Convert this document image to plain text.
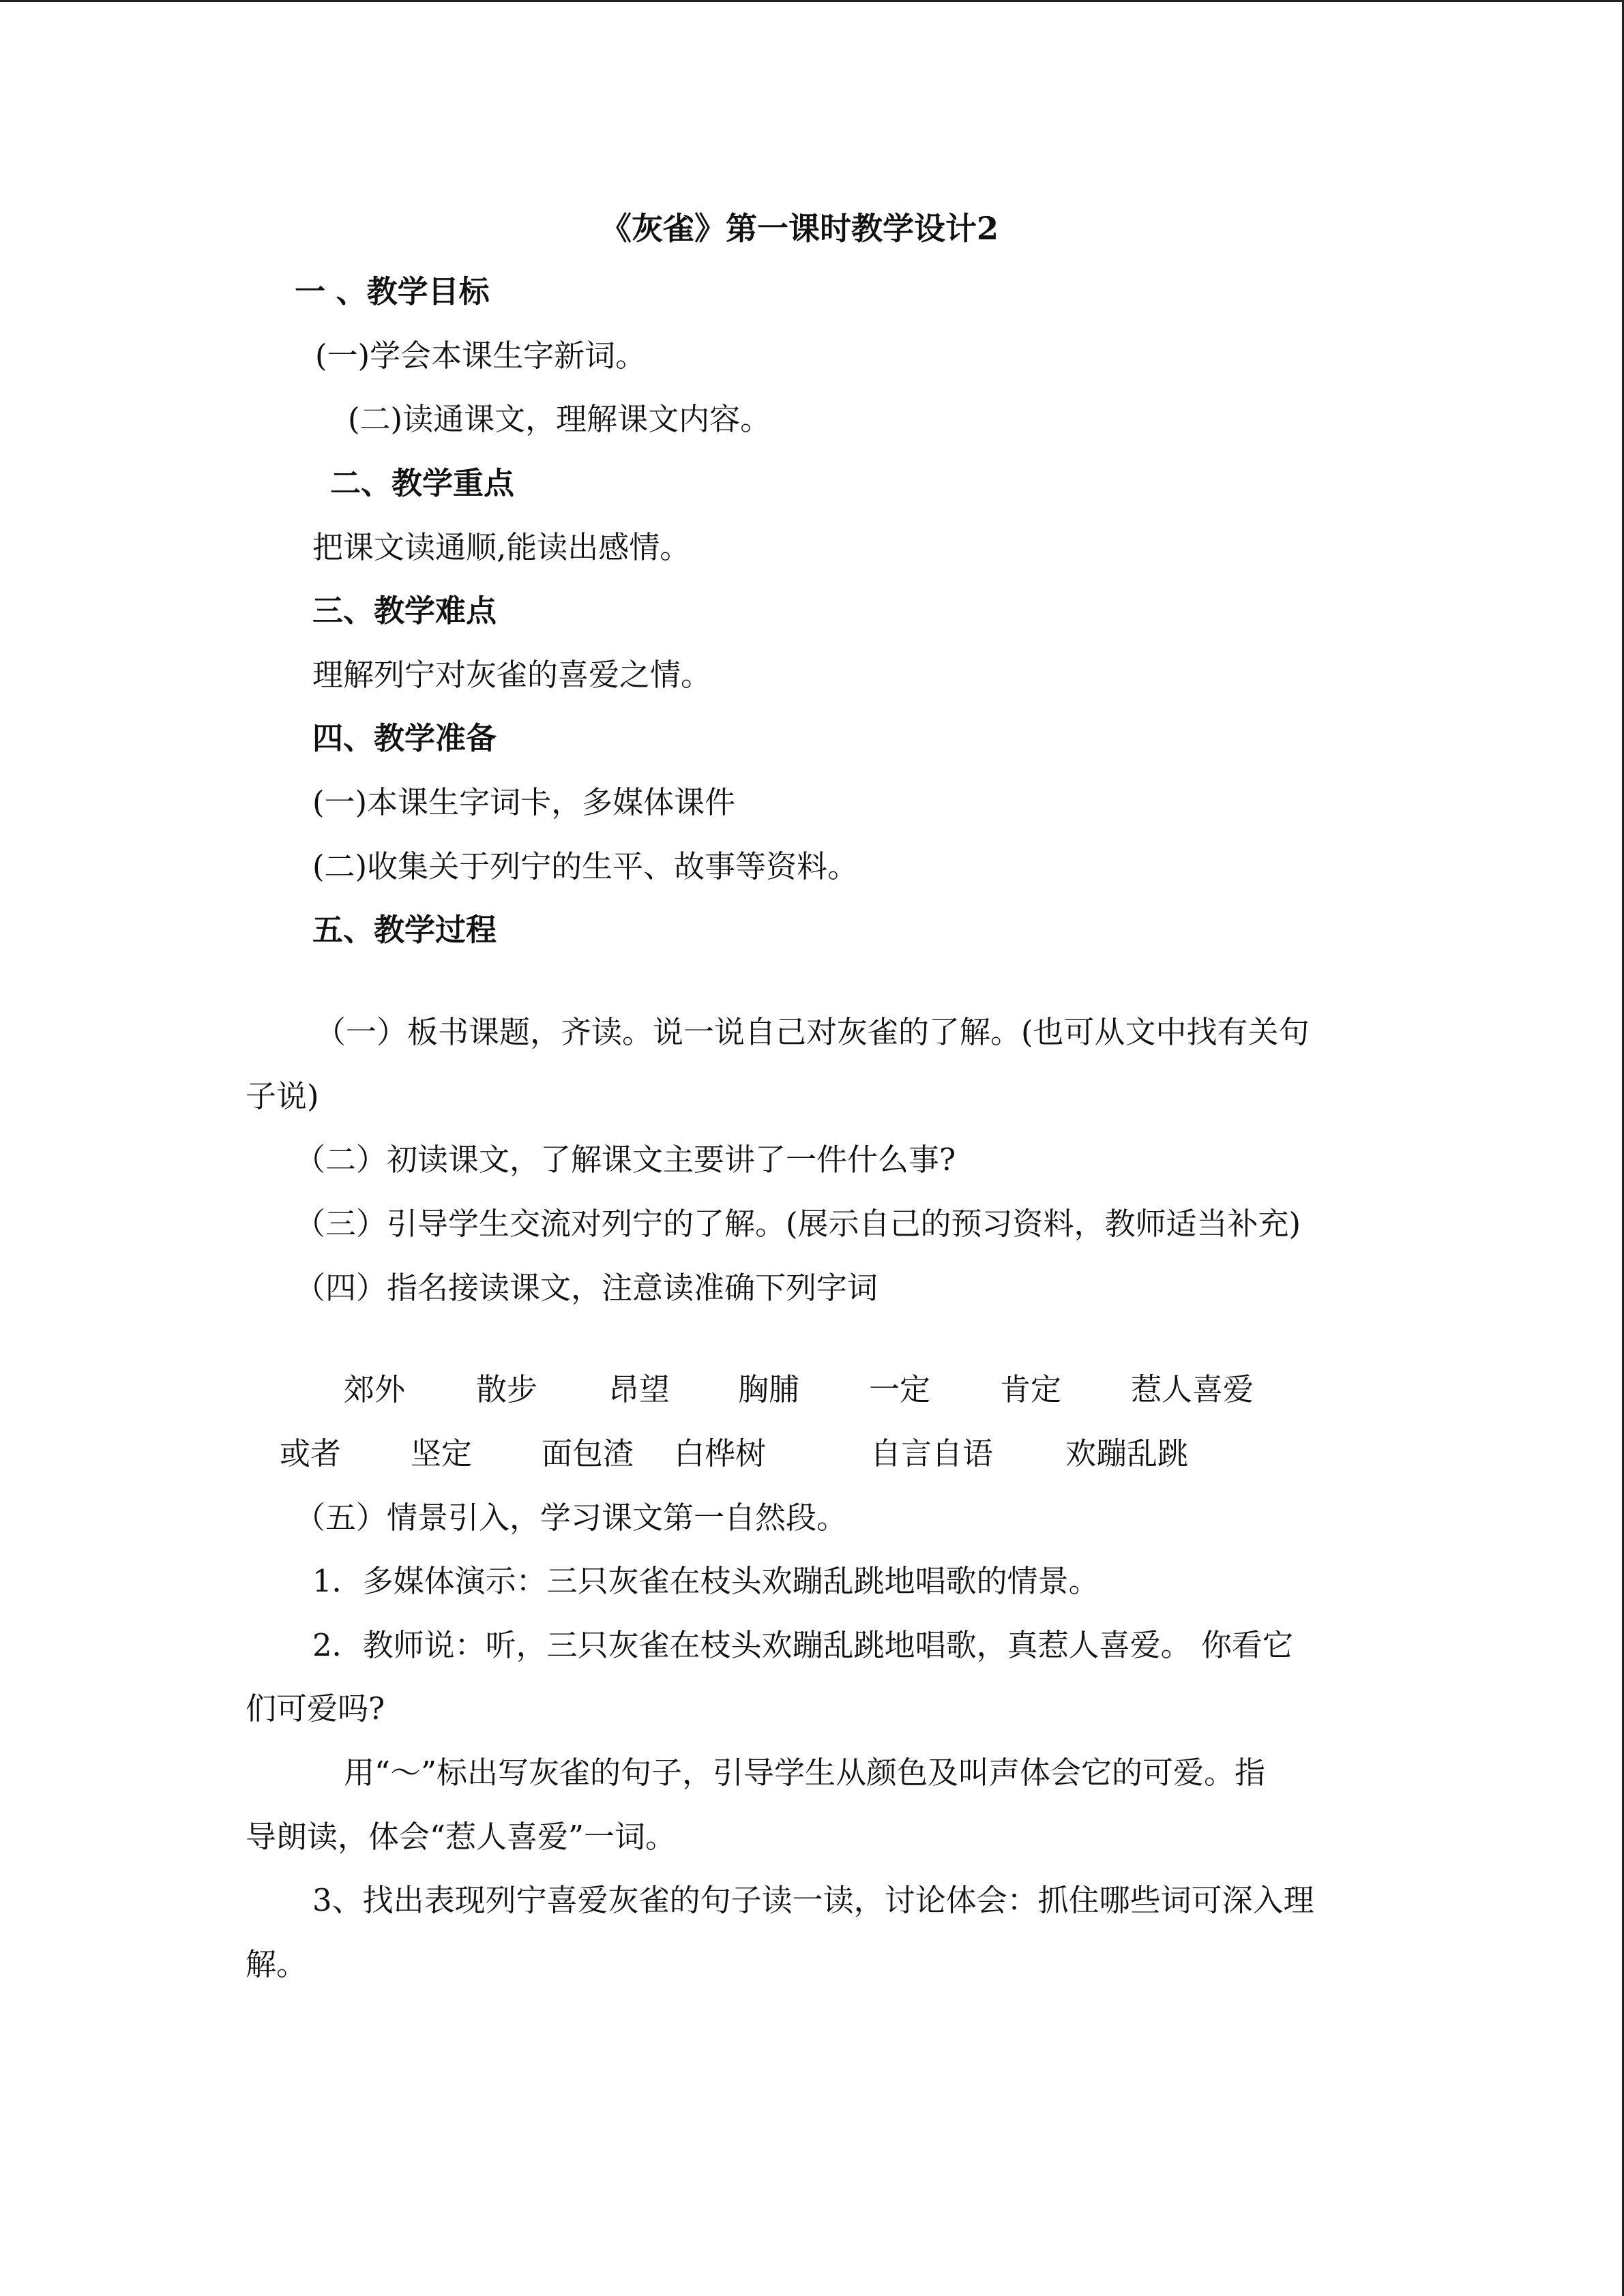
《灰雀》第一课时教学设计2
一 、教学目标
(一)学会本课生字新词。
(二)读通课文，理解课文内容。
二、教学重点
把课文读通顺,能读出感情。
三、教学难点
理解列宁对灰雀的喜爱之情。
四、教学准备
(一)本课生字词卡，多媒体课件
(二)收集关于列宁的生平、故事等资料。
五、教学过程
（一）板书课题，齐读。说一说自己对灰雀的了解。(也可从文中找有关句
子说)
（二）初读课文，了解课文主要讲了一件什么事?
（三）引导学生交流对列宁的了解。(展示自己的预习资料，教师适当补充)
（四）指名接读课文，注意读准确下列字词
郊外 散步 昂望 胸脯 一定 肯定 惹人喜爱
或者 坚定 面包渣 白桦树	自言自语 欢蹦乱跳
（五）情景引入，学习课文第一自然段。
1．多媒体演示：三只灰雀在枝头欢蹦乱跳地唱歌的情景。
2．教师说：听，三只灰雀在枝头欢蹦乱跳地唱歌，真惹人喜爱。 你看它
们可爱吗?
用“～”标出写灰雀的句子，引导学生从颜色及叫声体会它的可爱。指
导朗读，体会“惹人喜爱”一词。
3、找出表现列宁喜爱灰雀的句子读一读，讨论体会：抓住哪些词可深入理
解。
